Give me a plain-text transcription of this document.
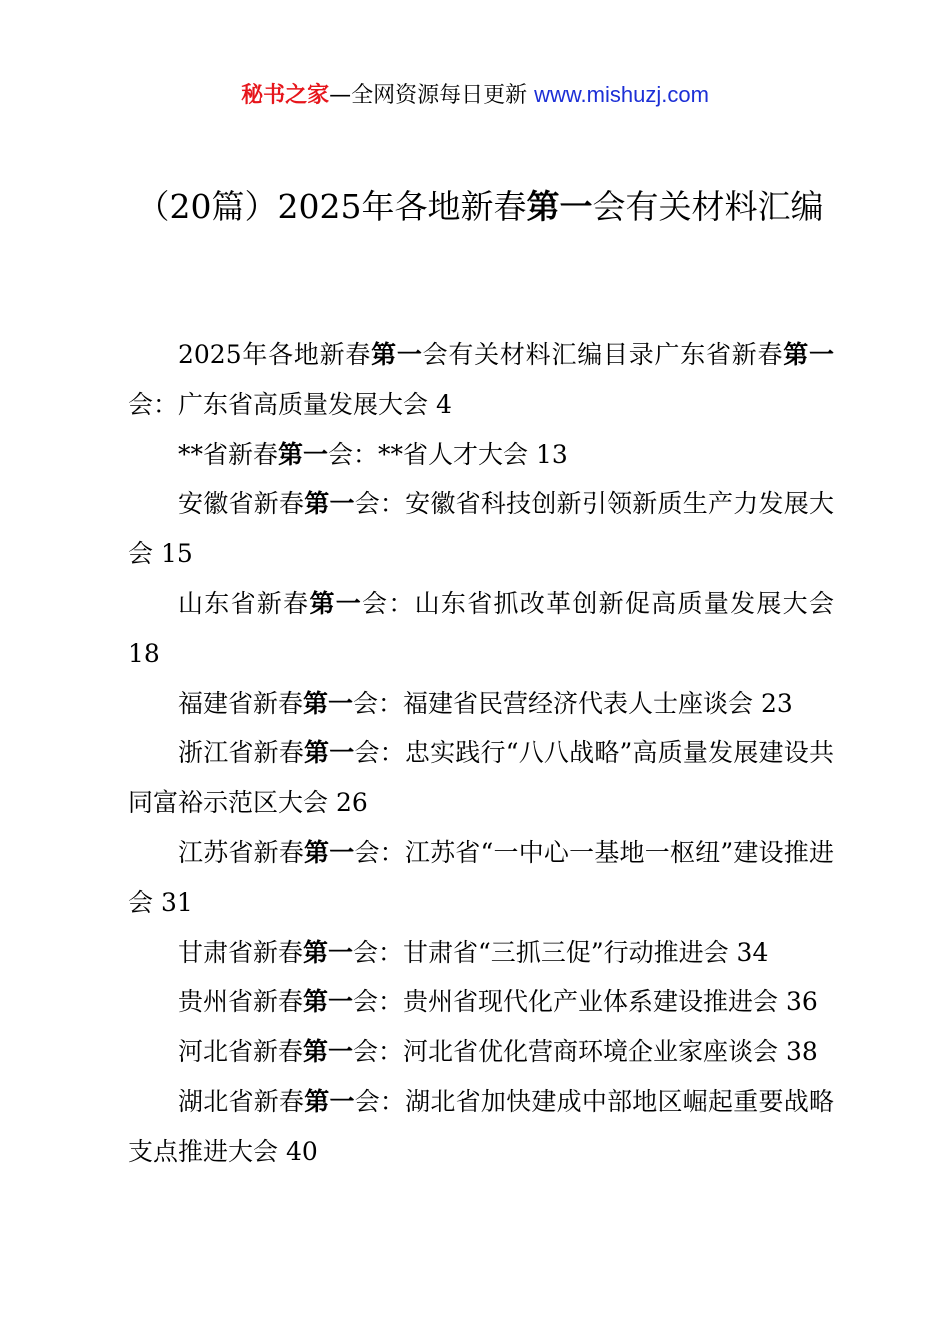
秘书之家—全网资源每日更新 www.mishuzj.com
（20篇）2025年各地新春第一会有关材料汇编

2025年各地新春第一会有关材料汇编目录广东省新春第一会：广东省高质量发展大会 4

**省新春第一会：**省人才大会 13

安徽省新春第一会：安徽省科技创新引领新质生产力发展大会 15

山东省新春第一会：山东省抓改革创新促高质量发展大会 18

福建省新春第一会：福建省民营经济代表人士座谈会 23

浙江省新春第一会：忠实践行“八八战略”高质量发展建设共同富裕示范区大会 26

江苏省新春第一会：江苏省“一中心一基地一枢纽”建设推进会 31

甘肃省新春第一会：甘肃省“三抓三促”行动推进会 34

贵州省新春第一会：贵州省现代化产业体系建设推进会 36

河北省新春第一会：河北省优化营商环境企业家座谈会 38

湖北省新春第一会：湖北省加快建成中部地区崛起重要战略支点推进大会 40
